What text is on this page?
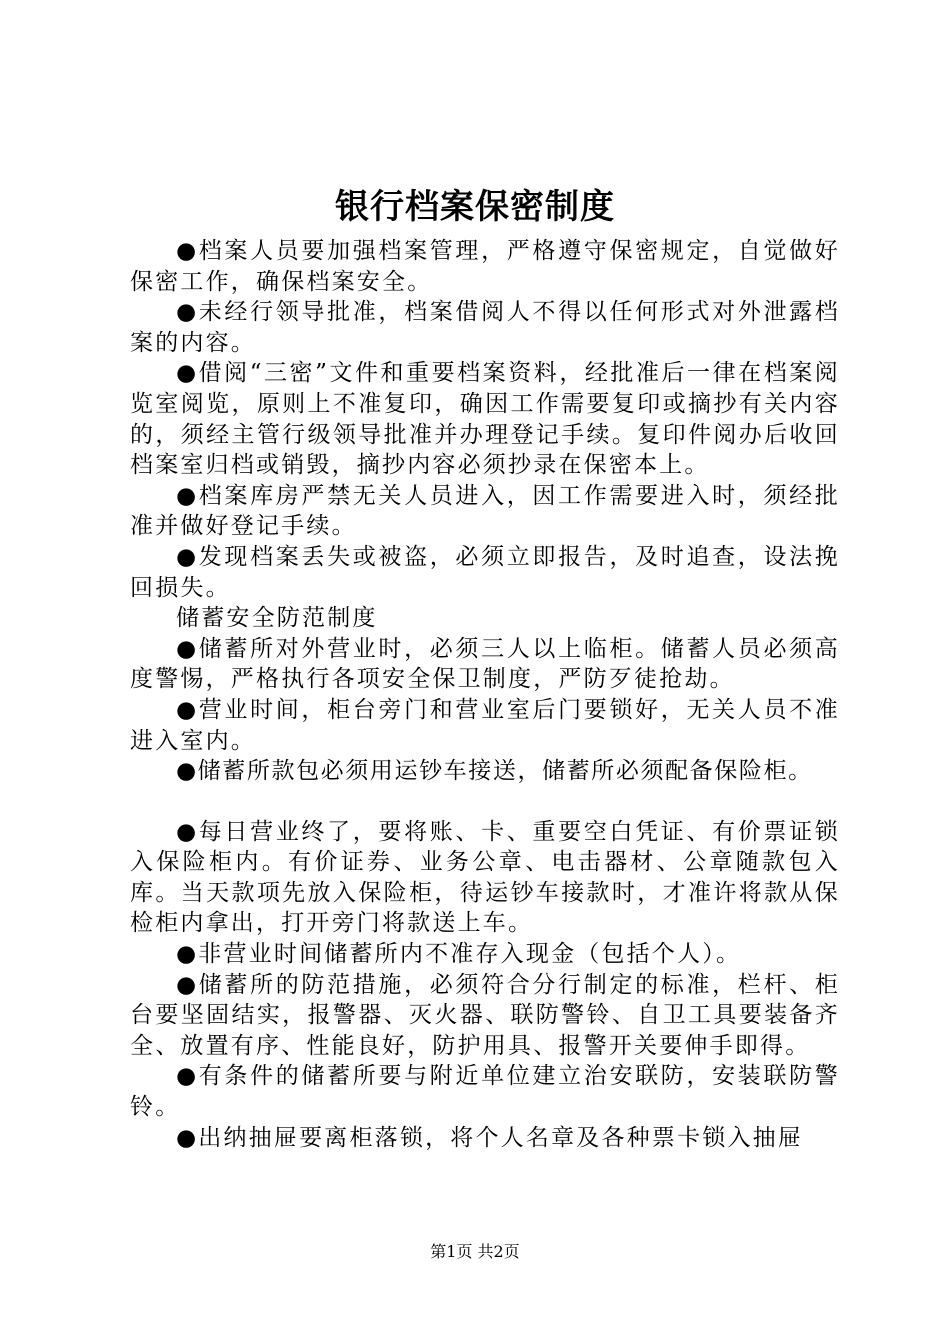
银行档案保密制度

●档案人员要加强档案管理，严格遵守保密规定，自觉做好保密工作，确保档案安全。

●未经行领导批准，档案借阅人不得以任何形式对外泄露档案的内容。

●借阅“三密”文件和重要档案资料，经批准后一律在档案阅览室阅览，原则上不准复印，确因工作需要复印或摘抄有关内容的，须经主管行级领导批准并办理登记手续。复印件阅办后收回档案室归档或销毁，摘抄内容必须抄录在保密本上。

●档案库房严禁无关人员进入，因工作需要进入时，须经批准并做好登记手续。

●发现档案丢失或被盗，必须立即报告，及时追查，设法挽回损失。

储蓄安全防范制度

●储蓄所对外营业时，必须三人以上临柜。储蓄人员必须高度警惕，严格执行各项安全保卫制度，严防歹徒抢劫。

●营业时间，柜台旁门和营业室后门要锁好，无关人员不准进入室内。

●储蓄所款包必须用运钞车接送，储蓄所必须配备保险柜。

●每日营业终了，要将账、卡、重要空白凭证、有价票证锁入保险柜内。有价证券、业务公章、电击器材、公章随款包入库。当天款项先放入保险柜，待运钞车接款时，才准许将款从保检柜内拿出，打开旁门将款送上车。

●非营业时间储蓄所内不准存入现金（包括个人）。

●储蓄所的防范措施，必须符合分行制定的标准，栏杆、柜台要坚固结实，报警器、灭火器、联防警铃、自卫工具要装备齐全、放置有序、性能良好，防护用具、报警开关要伸手即得。

●有条件的储蓄所要与附近单位建立治安联防，安装联防警铃。

●出纳抽屉要离柜落锁，将个人名章及各种票卡锁入抽屉

第1页 共2页
